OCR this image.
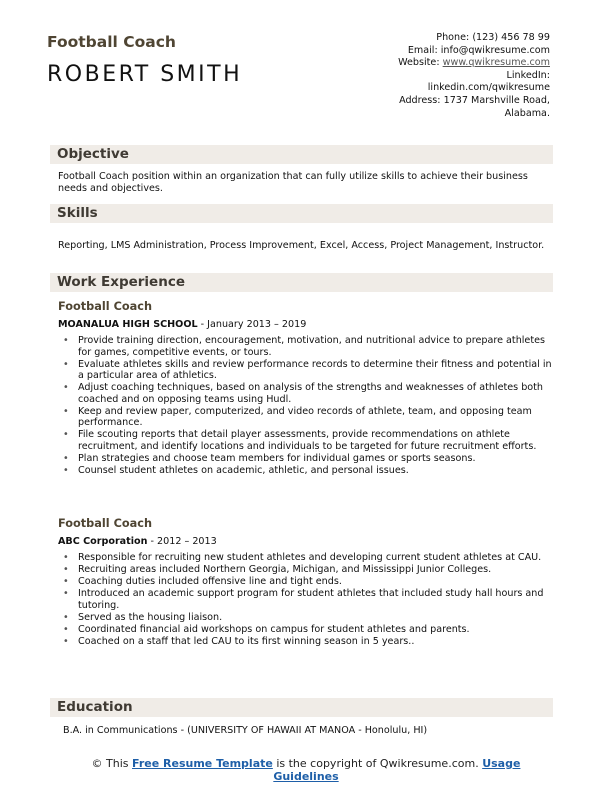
Football Coach
ROBERT SMITH
Phone: (123) 456 78 99
Email: info@qwikresume.com
Website: www.qwikresume.com
LinkedIn:
linkedin.com/qwikresume
Address: 1737 Marshville Road,
Alabama.
Objective
Football Coach position within an organization that can fully utilize skills to achieve their business needs and objectives.
Skills
Reporting, LMS Administration, Process Improvement, Excel, Access, Project Management, Instructor.
Work Experience
Football Coach
MOANALUA HIGH SCHOOL - January 2013 – 2019
• Provide training direction, encouragement, motivation, and nutritional advice to prepare athletes for games, competitive events, or tours.
• Evaluate athletes skills and review performance records to determine their fitness and potential in a particular area of athletics.
• Adjust coaching techniques, based on analysis of the strengths and weaknesses of athletes both coached and on opposing teams using Hudl.
• Keep and review paper, computerized, and video records of athlete, team, and opposing team performance.
• File scouting reports that detail player assessments, provide recommendations on athlete recruitment, and identify locations and individuals to be targeted for future recruitment efforts.
• Plan strategies and choose team members for individual games or sports seasons.
• Counsel student athletes on academic, athletic, and personal issues.
Football Coach
ABC Corporation - 2012 – 2013
• Responsible for recruiting new student athletes and developing current student athletes at CAU.
• Recruiting areas included Northern Georgia, Michigan, and Mississippi Junior Colleges.
• Coaching duties included offensive line and tight ends.
• Introduced an academic support program for student athletes that included study hall hours and tutoring.
• Served as the housing liaison.
• Coordinated financial aid workshops on campus for student athletes and parents.
• Coached on a staff that led CAU to its first winning season in 5 years..
Education
B.A. in Communications - (UNIVERSITY OF HAWAII AT MANOA - Honolulu, HI)
© This Free Resume Template is the copyright of Qwikresume.com. Usage
Guidelines
